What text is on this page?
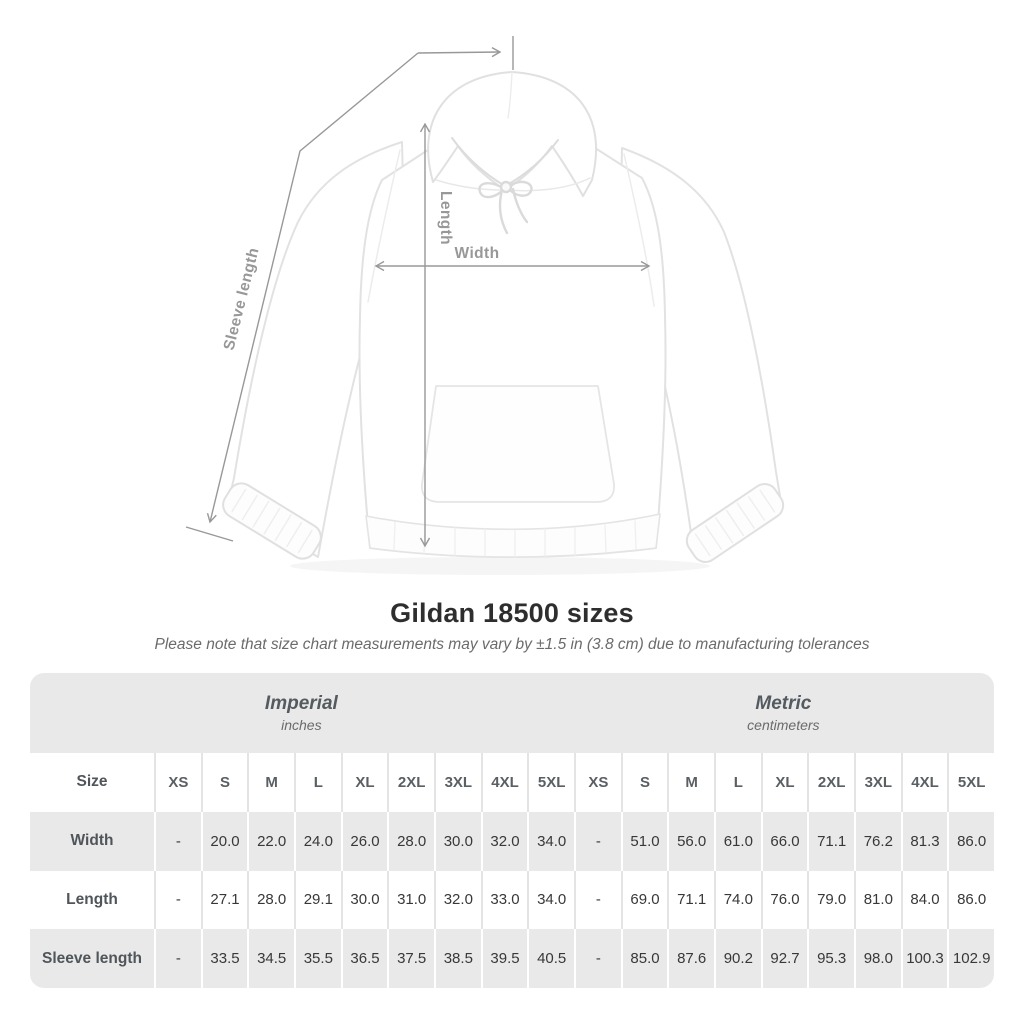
Width
Length
Sleeve length
Gildan 18500 sizes

Please note that size chart measurements may vary by ±1.5 in (3.8 cm) due to manufacturing tolerances

Imperial
inches
Metric
centimeters
Size	XS	S	M	L	XL	2XL	3XL	4XL	5XL	XS	S	M	L	XL	2XL	3XL	4XL	5XL
Width	-	20.0	22.0	24.0	26.0	28.0	30.0	32.0	34.0	-	51.0	56.0	61.0	66.0	71.1	76.2	81.3	86.0
Length	-	27.1	28.0	29.1	30.0	31.0	32.0	33.0	34.0	-	69.0	71.1	74.0	76.0	79.0	81.0	84.0	86.0
Sleeve length	-	33.5	34.5	35.5	36.5	37.5	38.5	39.5	40.5	-	85.0	87.6	90.2	92.7	95.3	98.0 100.3 102.9
